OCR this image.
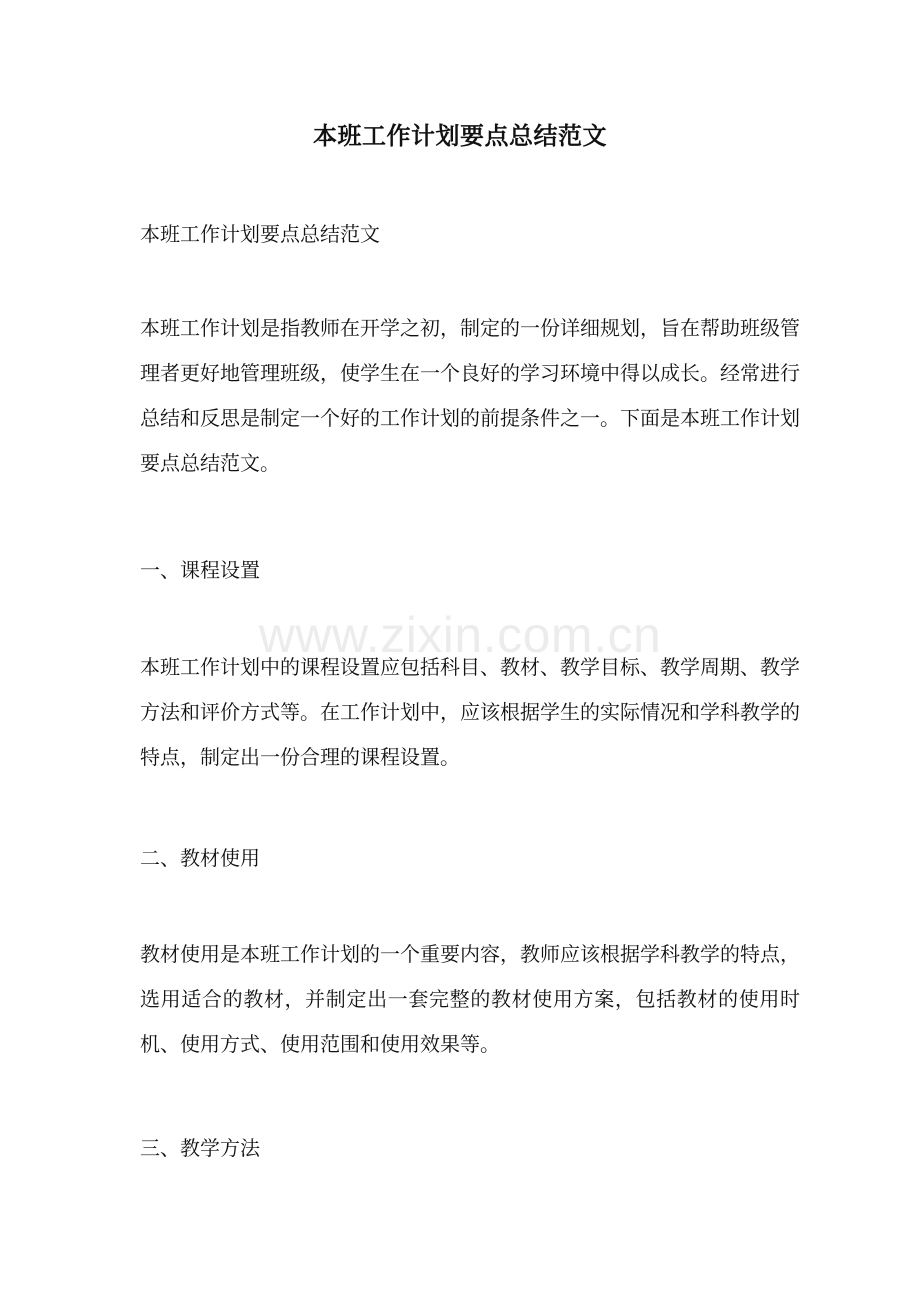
本班工作计划要点总结范文

本班工作计划要点总结范文

本班工作计划是指教师在开学之初，制定的一份详细规划，旨在帮助班级管理者更好地管理班级，使学生在一个良好的学习环境中得以成长。经常进行总结和反思是制定一个好的工作计划的前提条件之一。下面是本班工作计划要点总结范文。

一、课程设置

本班工作计划中的课程设置应包括科目、教材、教学目标、教学周期、教学方法和评价方式等。在工作计划中，应该根据学生的实际情况和学科教学的特点，制定出一份合理的课程设置。

二、教材使用

教材使用是本班工作计划的一个重要内容，教师应该根据学科教学的特点，选用适合的教材，并制定出一套完整的教材使用方案，包括教材的使用时机、使用方式、使用范围和使用效果等。

三、教学方法

www.zixin.com.cn
